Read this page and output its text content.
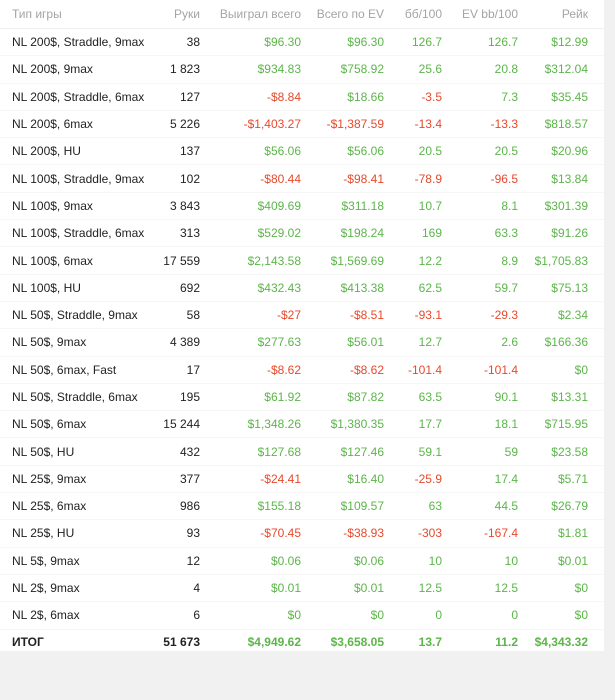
Тип игры	Руки	Выиграл всего	Всего по EV	бб/100	EV bb/100	Рейк
NL 200$, Straddle, 9max	38	$96.30	$96.30	126.7	126.7	$12.99
NL 200$, 9max	1 823	$934.83	$758.92	25.6	20.8	$312.04
NL 200$, Straddle, 6max	127	-$8.84	$18.66	-3.5	7.3	$35.45
NL 200$, 6max	5 226	-$1,403.27	-$1,387.59	-13.4	-13.3	$818.57
NL 200$, HU	137	$56.06	$56.06	20.5	20.5	$20.96
NL 100$, Straddle, 9max	102	-$80.44	-$98.41	-78.9	-96.5	$13.84
NL 100$, 9max	3 843	$409.69	$311.18	10.7	8.1	$301.39
NL 100$, Straddle, 6max	313	$529.02	$198.24	169	63.3	$91.26
NL 100$, 6max	17 559	$2,143.58	$1,569.69	12.2	8.9	$1,705.83
NL 100$, HU	692	$432.43	$413.38	62.5	59.7	$75.13
NL 50$, Straddle, 9max	58	-$27	-$8.51	-93.1	-29.3	$2.34
NL 50$, 9max	4 389	$277.63	$56.01	12.7	2.6	$166.36
NL 50$, 6max, Fast	17	-$8.62	-$8.62	-101.4	-101.4	$0
NL 50$, Straddle, 6max	195	$61.92	$87.82	63.5	90.1	$13.31
NL 50$, 6max	15 244	$1,348.26	$1,380.35	17.7	18.1	$715.95
NL 50$, HU	432	$127.68	$127.46	59.1	59	$23.58
NL 25$, 9max	377	-$24.41	$16.40	-25.9	17.4	$5.71
NL 25$, 6max	986	$155.18	$109.57	63	44.5	$26.79
NL 25$, HU	93	-$70.45	-$38.93	-303	-167.4	$1.81
NL 5$, 9max	12	$0.06	$0.06	10	10	$0.01
NL 2$, 9max	4	$0.01	$0.01	12.5	12.5	$0
NL 2$, 6max	6	$0	$0	0	0	$0
ИТОГ	51 673	$4,949.62	$3,658.05	13.7	11.2	$4,343.32
